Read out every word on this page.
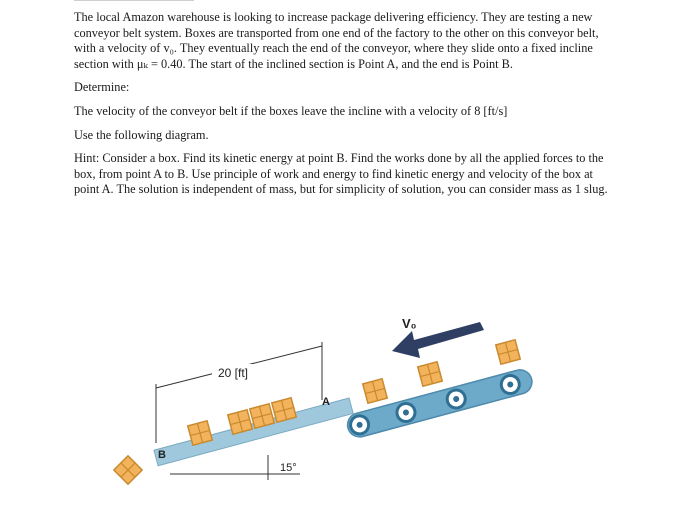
The local Amazon warehouse is looking to increase package delivering efficiency. They are testing a new conveyor belt system. Boxes are transported from one end of the factory to the other on this conveyor belt, with a velocity of v₀. They eventually reach the end of the conveyor, where they slide onto a fixed incline section with μₖ = 0.40. The start of the inclined section is Point A, and the end is Point B.

Determine:

The velocity of the conveyor belt if the boxes leave the incline with a velocity of 8 [ft/s]

Use the following diagram.

Hint: Consider a box. Find its kinetic energy at point B. Find the works done by all the applied forces to the box, from point A to B. Use principle of work and energy to find kinetic energy and velocity of the box at point A. The solution is independent of mass, but for simplicity of solution, you can consider mass as 1 slug.

V₀
20 [ft]
15°
A
B
